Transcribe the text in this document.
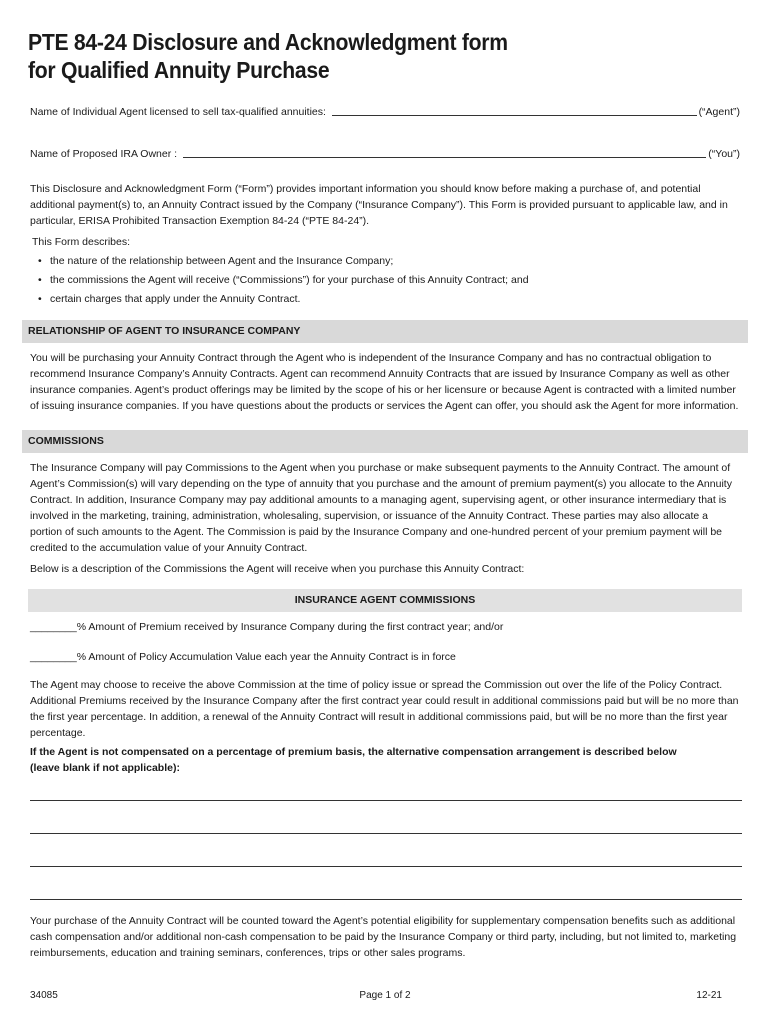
PTE 84-24 Disclosure and Acknowledgment form
for Qualified Annuity Purchase
Name of Individual Agent licensed to sell tax-qualified annuities:	(“Agent”)
Name of Proposed IRA Owner :	(“You”)
This Disclosure and Acknowledgment Form (“Form”) provides important information you should know before making a purchase of, and potential additional payment(s) to, an Annuity Contract issued by the Company (“Insurance Company”). This Form is provided pursuant to applicable law, and in particular, ERISA Prohibited Transaction Exemption 84-24 (“PTE 84-24”).
This Form describes:
• the nature of the relationship between Agent and the Insurance Company;
• the commissions the Agent will receive (“Commissions”) for your purchase of this Annuity Contract; and
• certain charges that apply under the Annuity Contract.
RELATIONSHIP OF AGENT TO INSURANCE COMPANY
You will be purchasing your Annuity Contract through the Agent who is independent of the Insurance Company and has no contractual obligation to recommend Insurance Company’s Annuity Contracts. Agent can recommend Annuity Contracts that are issued by Insurance Company as well as other insurance companies. Agent’s product offerings may be limited by the scope of his or her licensure or because Agent is contracted with a limited number of issuing insurance companies. If you have questions about the products or services the Agent can offer, you should ask the Agent for more information.
COMMISSIONS
The Insurance Company will pay Commissions to the Agent when you purchase or make subsequent payments to the Annuity Contract. The amount of Agent’s Commission(s) will vary depending on the type of annuity that you purchase and the amount of premium payment(s) you allocate to the Annuity Contract. In addition, Insurance Company may pay additional amounts to a managing agent, supervising agent, or other insurance intermediary that is involved in the marketing, training, administration, wholesaling, supervision, or issuance of the Annuity Contract. These parties may also allocate a portion of such amounts to the Agent. The Commission is paid by the Insurance Company and one-hundred percent of your premium payment will be credited to the accumulation value of your Annuity Contract.
Below is a description of the Commissions the Agent will receive when you purchase this Annuity Contract:
INSURANCE AGENT COMMISSIONS
________% Amount of Premium received by Insurance Company during the first contract year; and/or
________% Amount of Policy Accumulation Value each year the Annuity Contract is in force
The Agent may choose to receive the above Commission at the time of policy issue or spread the Commission out over the life of the Policy Contract. Additional Premiums received by the Insurance Company after the first contract year could result in additional commissions paid but will be no more than the first year percentage. In addition, a renewal of the Annuity Contract will result in additional commissions paid, but will be no more than the first year percentage.
If the Agent is not compensated on a percentage of premium basis, the alternative compensation arrangement is described below
(leave blank if not applicable):
Your purchase of the Annuity Contract will be counted toward the Agent’s potential eligibility for supplementary compensation benefits such as additional cash compensation and/or additional non-cash compensation to be paid by the Insurance Company or third party, including, but not limited to, marketing reimbursements, education and training seminars, conferences, trips or other sales programs.
34085	Page 1 of 2	12-21
